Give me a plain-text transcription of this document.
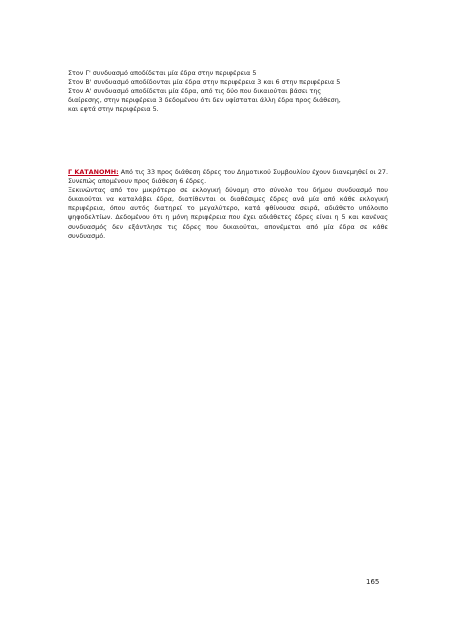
Στον Γ' συνδυασμό αποδίδεται μία έδρα στην περιφέρεια 5
Στον Β' συνδυασμό αποδίδονται μία έδρα στην περιφέρεια 3 και 6 στην περιφέρεια 5
Στον Α' συνδυασμό αποδίδεται μία έδρα, από τις δύο που δικαιούται βάσει της
διαίρεσης, στην περιφέρεια 3 δεδομένου ότι δεν υφίσταται άλλη έδρα προς διάθεση,
και εφτά στην περιφέρεια 5.
Γ ΚΑΤΑΝΟΜΗ: Από τις 33 προς διάθεση έδρες του Δημοτικού Συμβουλίου έχουν διανεμηθεί οι 27. Συνεπώς απομένουν προς διάθεση 6 έδρες.
Ξεκινώντας από τον μικρότερο σε εκλογική δύναμη στο σύνολο του δήμου συνδυασμό που δικαιούται να καταλάβει έδρα, διατίθενται οι διαθέσιμες έδρες ανά μία από κάθε εκλογική περιφέρεια, όπου αυτός διατηρεί το μεγαλύτερο, κατά φθίνουσα σειρά, αδιάθετο υπόλοιπο ψηφοδελτίων. Δεδομένου ότι η μόνη περιφέρεια που έχει αδιάθετες έδρες είναι η 5 και κανένας συνδυασμός δεν εξάντλησε τις έδρες που δικαιούται, απονέμεται από μία έδρα σε κάθε συνδυασμό.
165
